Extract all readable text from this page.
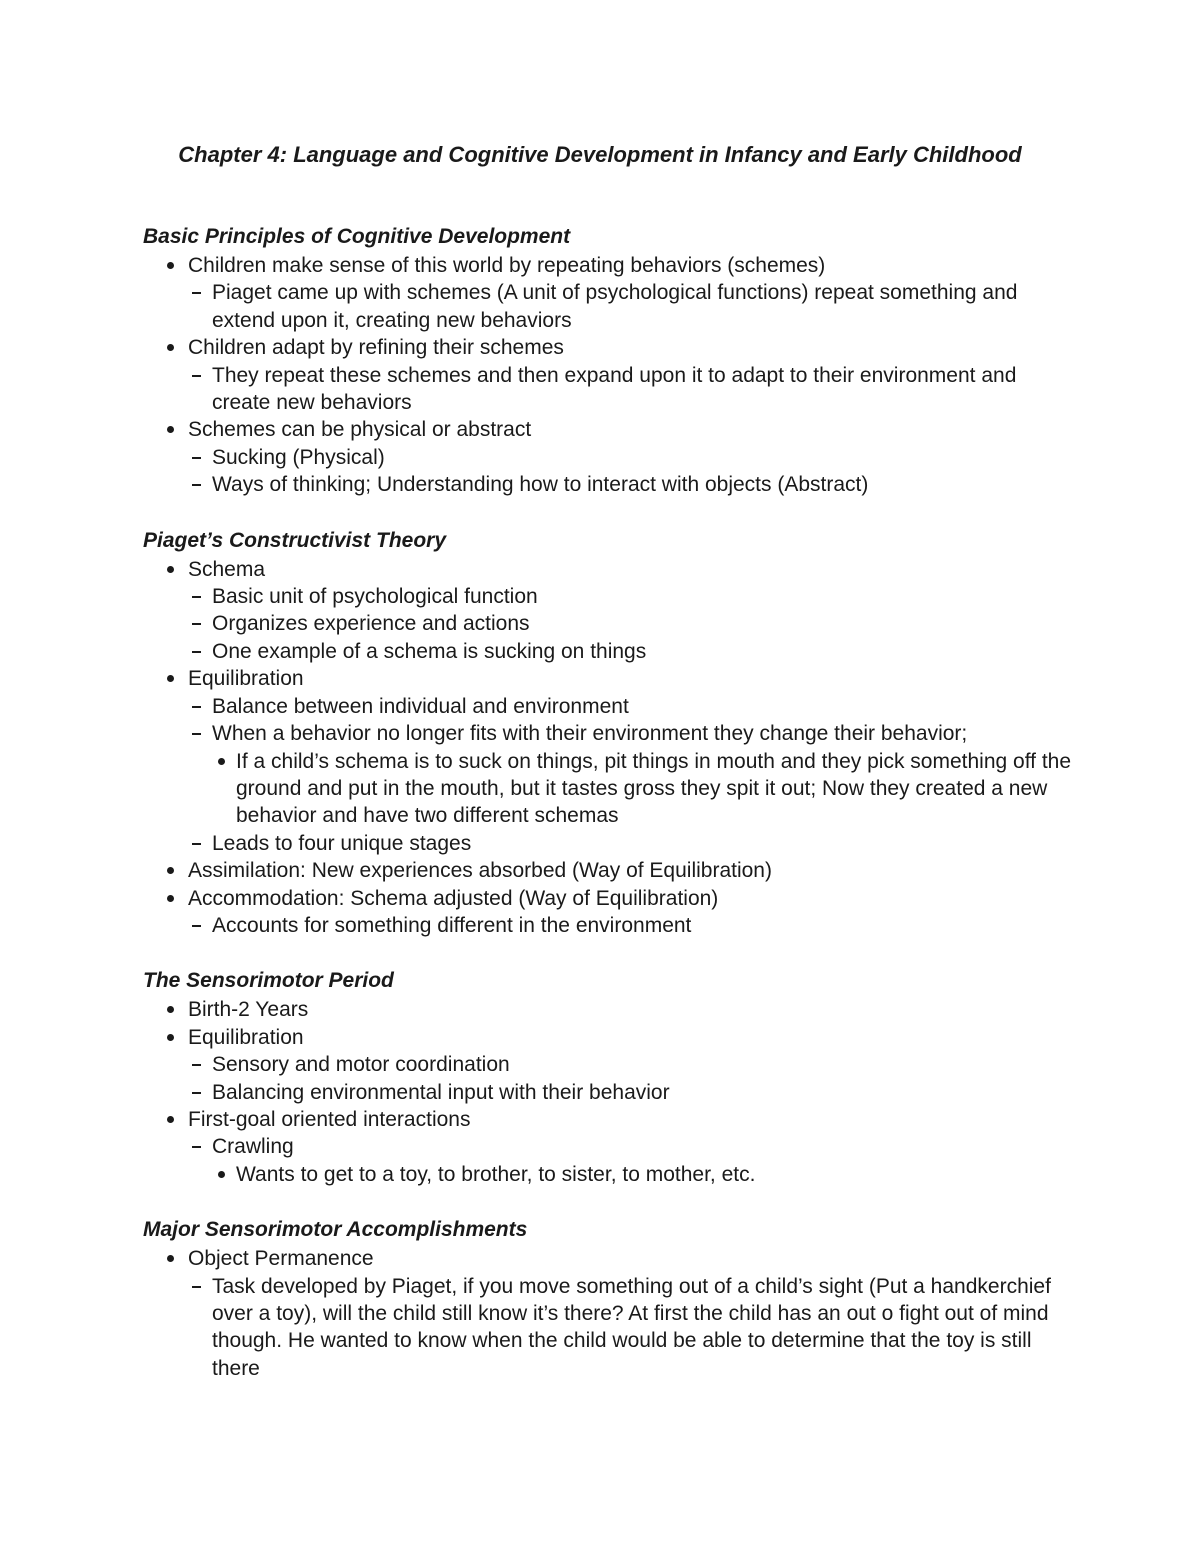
Chapter 4: Language and Cognitive Development in Infancy and Early Childhood
Basic Principles of Cognitive Development
Children make sense of this world by repeating behaviors (schemes)
Piaget came up with schemes (A unit of psychological functions) repeat something and extend upon it, creating new behaviors
Children adapt by refining their schemes
They repeat these schemes and then expand upon it to adapt to their environment and create new behaviors
Schemes can be physical or abstract
Sucking (Physical)
Ways of thinking; Understanding how to interact with objects (Abstract)
Piaget’s Constructivist Theory
Schema
Basic unit of psychological function
Organizes experience and actions
One example of a schema is sucking on things
Equilibration
Balance between individual and environment
When a behavior no longer fits with their environment they change their behavior;
If a child’s schema is to suck on things, pit things in mouth and they pick something off the ground and put in the mouth, but it tastes gross they spit it out; Now they created a new behavior and have two different schemas
Leads to four unique stages
Assimilation: New experiences absorbed (Way of Equilibration)
Accommodation: Schema adjusted (Way of Equilibration)
Accounts for something different in the environment
The Sensorimotor Period
Birth-2 Years
Equilibration
Sensory and motor coordination
Balancing environmental input with their behavior
First-goal oriented interactions
Crawling
Wants to get to a toy, to brother, to sister, to mother, etc.
Major Sensorimotor Accomplishments
Object Permanence
Task developed by Piaget, if you move something out of a child’s sight (Put a handkerchief over a toy), will the child still know it’s there? At first the child has an out o fight out of mind though. He wanted to know when the child would be able to determine that the toy is still there
